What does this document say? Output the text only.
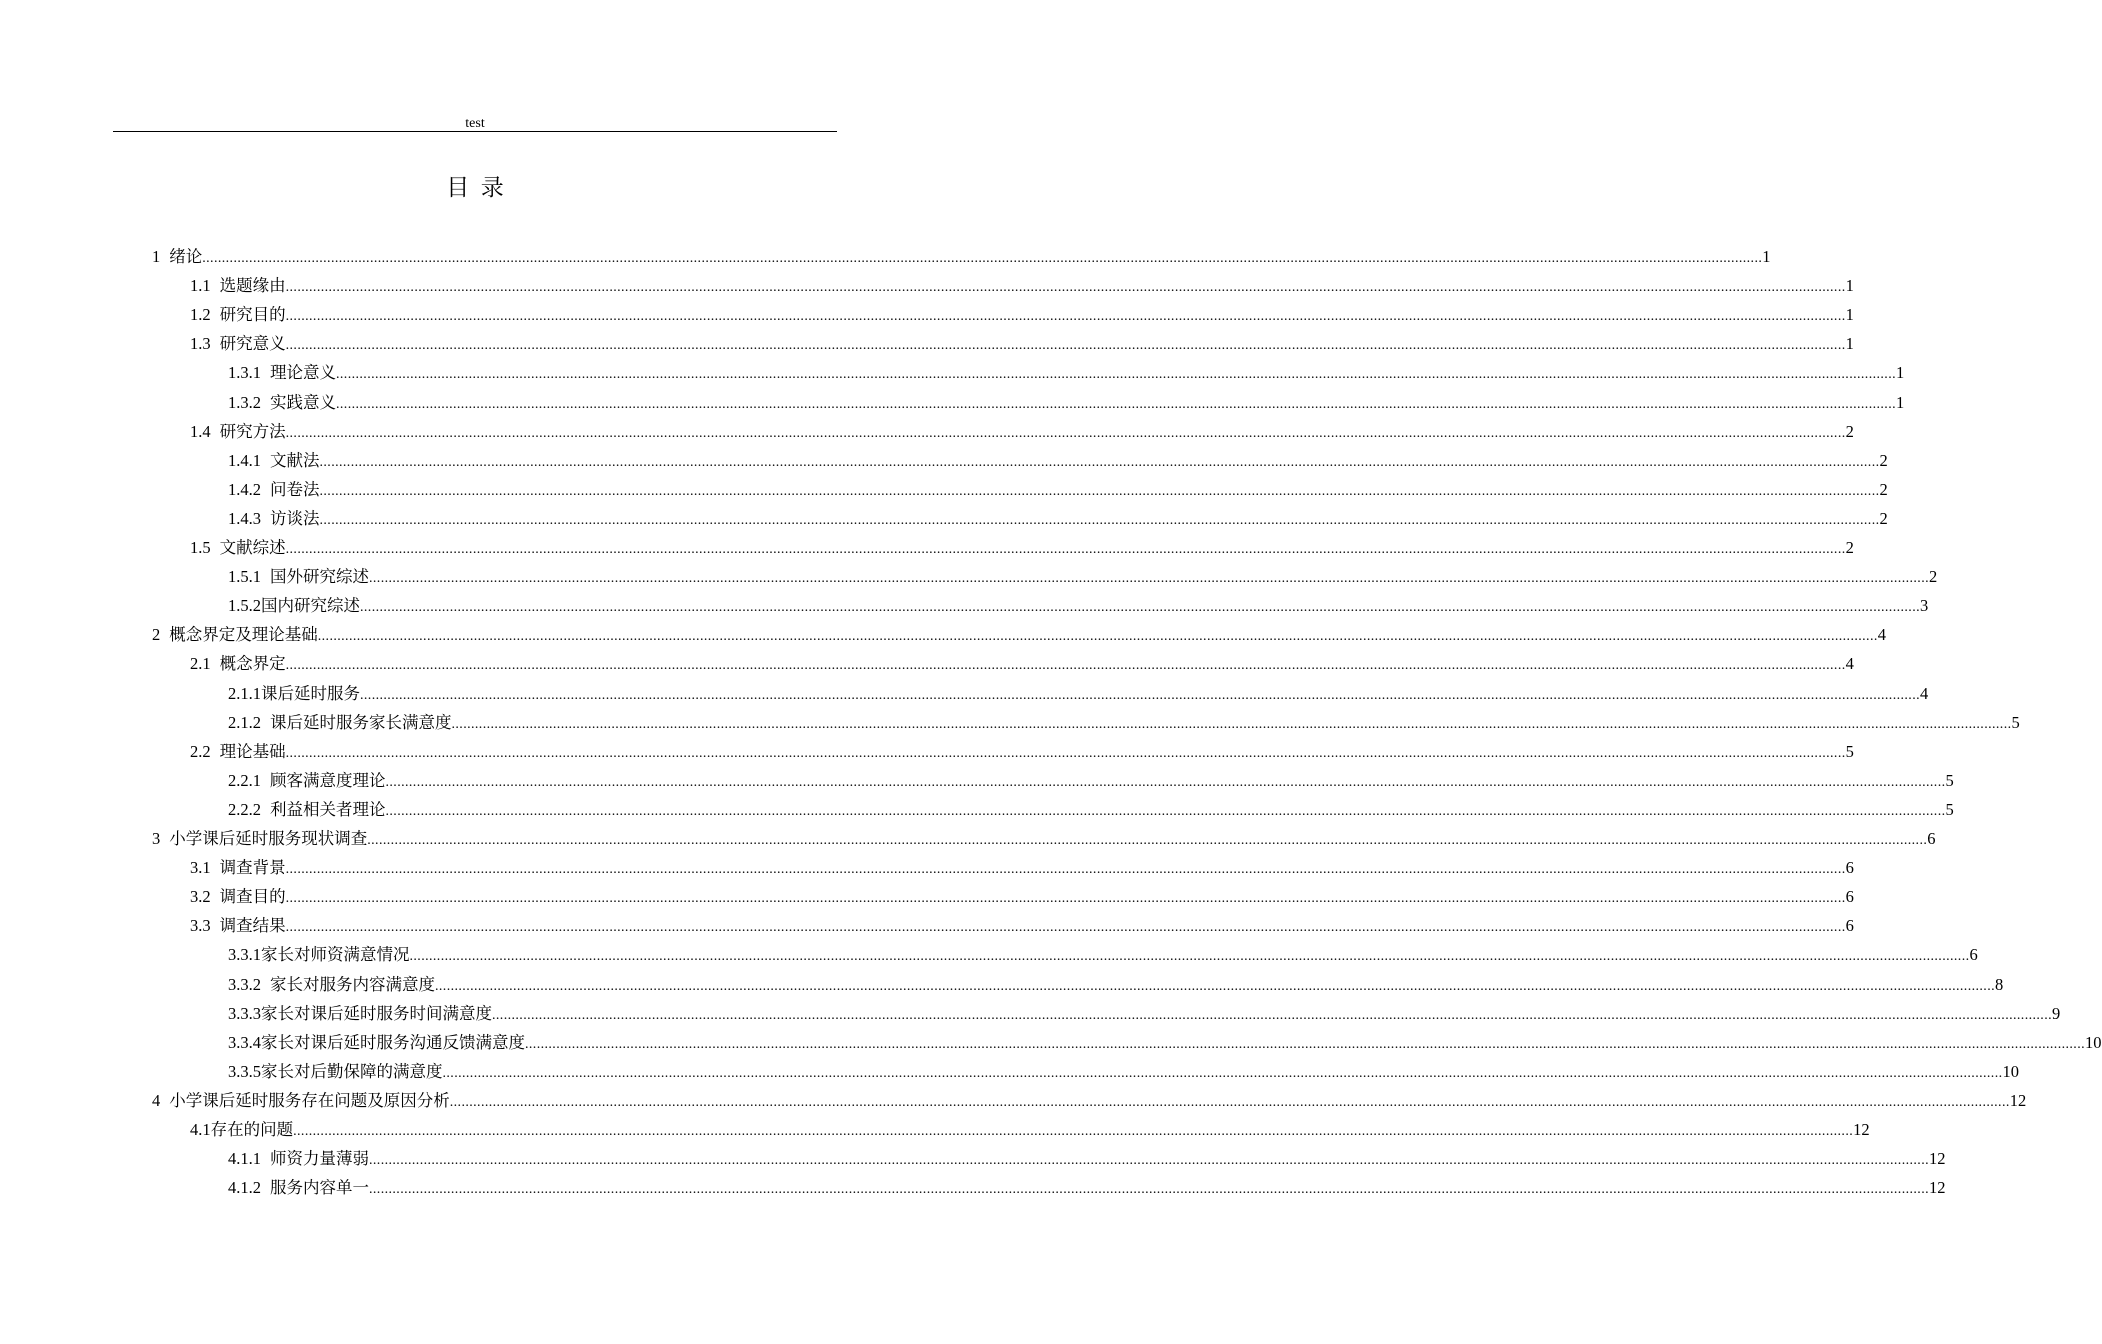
test
目  录
1 绪论 ................................................................................................................................................................................................................................................................................................................................................................................................................ 1
1.1 选题缘由 ................................................................................................................................................................................................................................................................................................................................................................................................................ 1
1.2 研究目的 ................................................................................................................................................................................................................................................................................................................................................................................................................ 1
1.3 研究意义 ................................................................................................................................................................................................................................................................................................................................................................................................................ 1
1.3.1 理论意义 ................................................................................................................................................................................................................................................................................................................................................................................................................ 1
1.3.2 实践意义 ................................................................................................................................................................................................................................................................................................................................................................................................................ 1
1.4 研究方法 ................................................................................................................................................................................................................................................................................................................................................................................................................ 2
1.4.1 文献法 ................................................................................................................................................................................................................................................................................................................................................................................................................ 2
1.4.2 问卷法 ................................................................................................................................................................................................................................................................................................................................................................................................................ 2
1.4.3 访谈法 ................................................................................................................................................................................................................................................................................................................................................................................................................ 2
1.5 文献综述 ................................................................................................................................................................................................................................................................................................................................................................................................................ 2
1.5.1 国外研究综述 ................................................................................................................................................................................................................................................................................................................................................................................................................ 2
1.5.2国内研究综述 ................................................................................................................................................................................................................................................................................................................................................................................................................ 3
2 概念界定及理论基础 ................................................................................................................................................................................................................................................................................................................................................................................................................ 4
2.1 概念界定 ................................................................................................................................................................................................................................................................................................................................................................................................................ 4
2.1.1课后延时服务 ................................................................................................................................................................................................................................................................................................................................................................................................................ 4
2.1.2 课后延时服务家长满意度 ................................................................................................................................................................................................................................................................................................................................................................................................................ 5
2.2 理论基础 ................................................................................................................................................................................................................................................................................................................................................................................................................ 5
2.2.1 顾客满意度理论 ................................................................................................................................................................................................................................................................................................................................................................................................................ 5
2.2.2 利益相关者理论 ................................................................................................................................................................................................................................................................................................................................................................................................................ 5
3 小学课后延时服务现状调查 ................................................................................................................................................................................................................................................................................................................................................................................................................ 6
3.1 调查背景 ................................................................................................................................................................................................................................................................................................................................................................................................................ 6
3.2 调查目的 ................................................................................................................................................................................................................................................................................................................................................................................................................ 6
3.3 调查结果 ................................................................................................................................................................................................................................................................................................................................................................................................................ 6
3.3.1家长对师资满意情况 ................................................................................................................................................................................................................................................................................................................................................................................................................ 6
3.3.2 家长对服务内容满意度 ................................................................................................................................................................................................................................................................................................................................................................................................................ 8
3.3.3家长对课后延时服务时间满意度 ................................................................................................................................................................................................................................................................................................................................................................................................................ 9
3.3.4家长对课后延时服务沟通反馈满意度 ................................................................................................................................................................................................................................................................................................................................................................................................................ 10
3.3.5家长对后勤保障的满意度 ................................................................................................................................................................................................................................................................................................................................................................................................................ 10
4 小学课后延时服务存在问题及原因分析 ................................................................................................................................................................................................................................................................................................................................................................................................................ 12
4.1存在的问题 ................................................................................................................................................................................................................................................................................................................................................................................................................ 12
4.1.1 师资力量薄弱 ................................................................................................................................................................................................................................................................................................................................................................................................................ 12
4.1.2 服务内容单一 ................................................................................................................................................................................................................................................................................................................................................................................................................ 12
